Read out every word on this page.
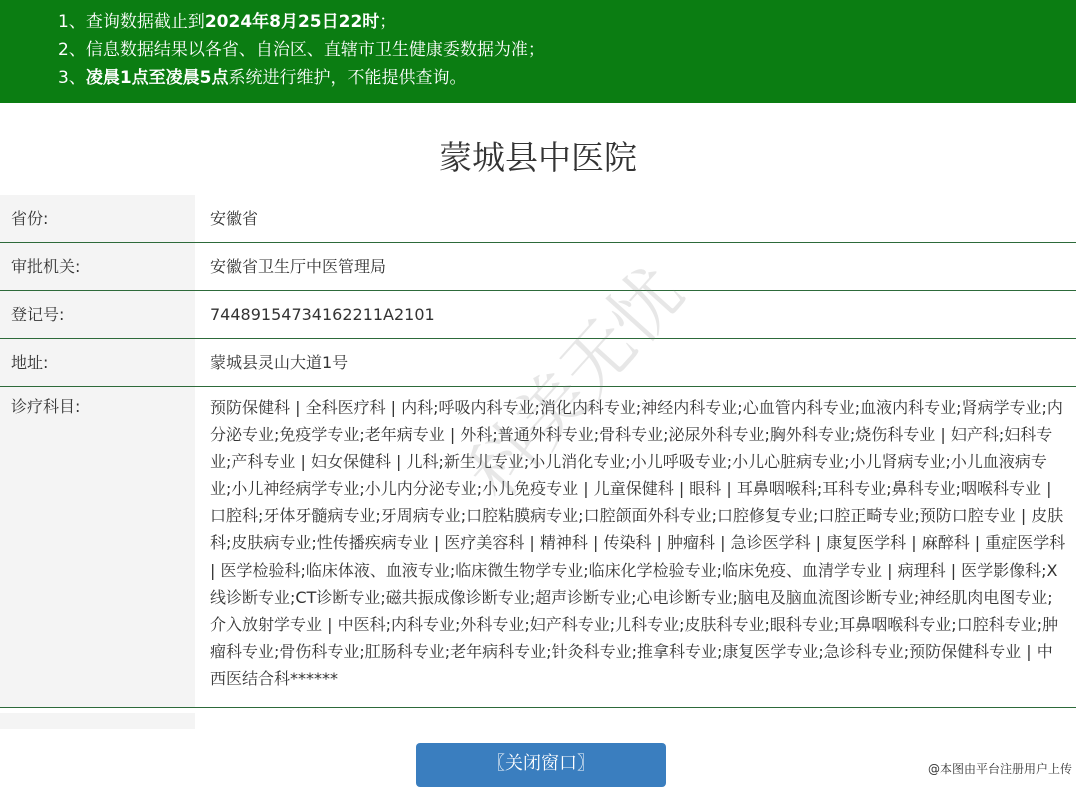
1、查询数据截止到2024年8月25日22时；
2、信息数据结果以各省、自治区、直辖市卫生健康委数据为准；
3、凌晨1点至凌晨5点系统进行维护，不能提供查询。
蒙城县中医院
省份:	安徽省
审批机关:	安徽省卫生厅中医管理局
登记号:	74489154734162211A2101
地址:	蒙城县灵山大道1号
诊疗科目:	预防保健科 | 全科医疗科 | 内科;呼吸内科专业;消化内科专业;神经内科专业;心血管内科专业;血液内科专业;肾病学专业;内分泌专业;免疫学专业;老年病专业 | 外科;普通外科专业;骨科专业;泌尿外科专业;胸外科专业;烧伤科专业 | 妇产科;妇科专业;产科专业 | 妇女保健科 | 儿科;新生儿专业;小儿消化专业;小儿呼吸专业;小儿心脏病专业;小儿肾病专业;小儿血液病专业;小儿神经病学专业;小儿内分泌专业;小儿免疫专业 | 儿童保健科 | 眼科 | 耳鼻咽喉科;耳科专业;鼻科专业;咽喉科专业 | 口腔科;牙体牙髓病专业;牙周病专业;口腔粘膜病专业;口腔颌面外科专业;口腔修复专业;口腔正畸专业;预防口腔专业 | 皮肤科;皮肤病专业;性传播疾病专业 | 医疗美容科 | 精神科 | 传染科 | 肿瘤科 | 急诊医学科 | 康复医学科 | 麻醉科 | 重症医学科 | 医学检验科;临床体液、血液专业;临床微生物学专业;临床化学检验专业;临床免疫、血清学专业 | 病理科 | 医学影像科;X线诊断专业;CT诊断专业;磁共振成像诊断专业;超声诊断专业;心电诊断专业;脑电及脑血流图诊断专业;神经肌肉电图专业;介入放射学专业 | 中医科;内科专业;外科专业;妇产科专业;儿科专业;皮肤科专业;眼科专业;耳鼻咽喉科专业;口腔科专业;肿瘤科专业;骨伤科专业;肛肠科专业;老年病科专业;针灸科专业;推拿科专业;康复医学专业;急诊科专业;预防保健科专业 | 中西医结合科******
〖关闭窗口〗
科美无忧
@本图由平台注册用户上传
